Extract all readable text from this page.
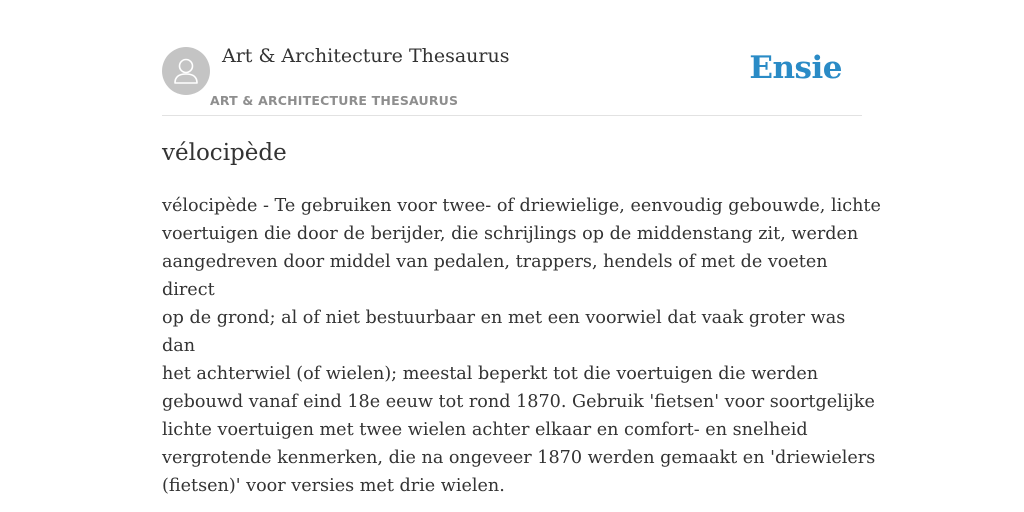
Art & Architecture Thesaurus
ART & ARCHITECTURE THESAURUS
Ensie
vélocipède
vélocipède - Te gebruiken voor twee- of driewielige, eenvoudig gebouwde, lichte
voertuigen die door de berijder, die schrijlings op de middenstang zit, werden
aangedreven door middel van pedalen, trappers, hendels of met de voeten direct
op de grond; al of niet bestuurbaar en met een voorwiel dat vaak groter was dan
het achterwiel (of wielen); meestal beperkt tot die voertuigen die werden
gebouwd vanaf eind 18e eeuw tot rond 1870. Gebruik 'fietsen' voor soortgelijke
lichte voertuigen met twee wielen achter elkaar en comfort- en snelheid
vergrotende kenmerken, die na ongeveer 1870 werden gemaakt en 'driewielers
(fietsen)' voor versies met drie wielen.
